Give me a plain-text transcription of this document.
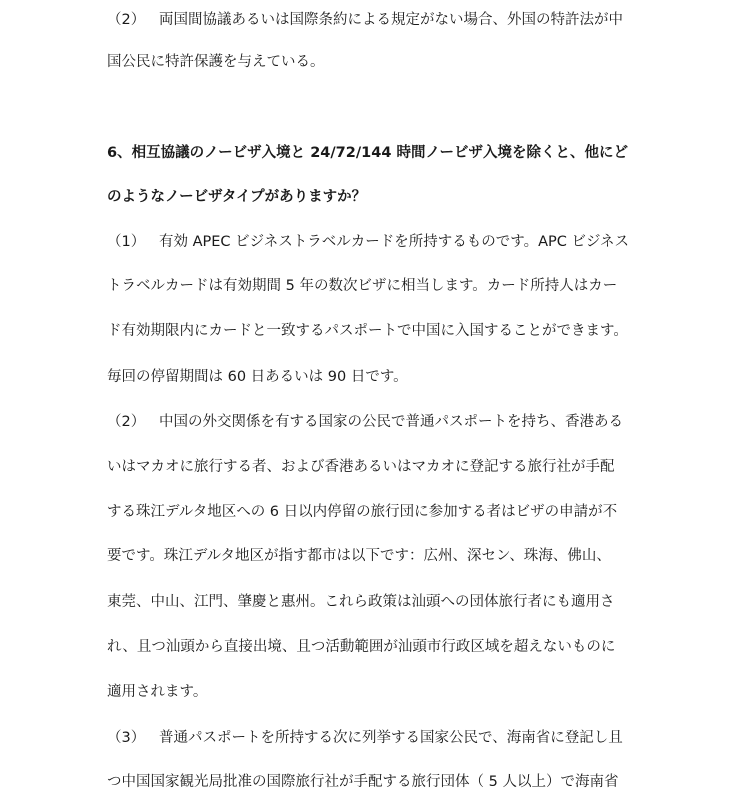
（2） 両国間協議あるいは国際条約による規定がない場合、外国の特許法が中
国公民に特許保護を与えている。
6、相互協議のノービザ入境と 24/72/144 時間ノービザ入境を除くと、他にど
のようなノービザタイプがありますか？
（1） 有効 APEC ビジネストラベルカードを所持するものです。APC ビジネス
トラベルカードは有効期間 5 年の数次ビザに相当します。カード所持人はカー
ド有効期限内にカードと一致するパスポートで中国に入国することができます。
毎回の停留期間は 60 日あるいは 90 日です。
（2） 中国の外交関係を有する国家の公民で普通パスポートを持ち、香港ある
いはマカオに旅行する者、および香港あるいはマカオに登記する旅行社が手配
する珠江デルタ地区への 6 日以内停留の旅行団に参加する者はビザの申請が不
要です。珠江デルタ地区が指す都市は以下です：広州、深セン、珠海、佛山、
東莞、中山、江門、肇慶と惠州。これら政策は汕頭への団体旅行者にも適用さ
れ、且つ汕頭から直接出境、且つ活動範囲が汕頭市行政区域を超えないものに
適用されます。
（3） 普通パスポートを所持する次に列挙する国家公民で、海南省に登記し且
つ中国国家観光局批准の国際旅行社が手配する旅行団体（ 5 人以上）で海南省
